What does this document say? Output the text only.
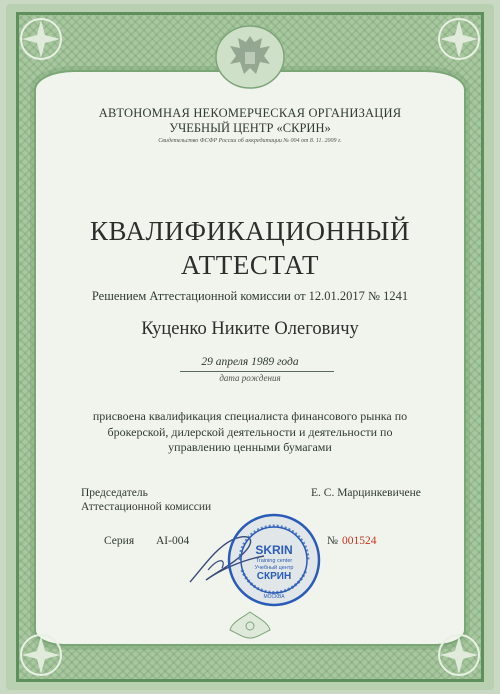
АВТОНОМНАЯ НЕКОМЕРЧЕСКАЯ ОРГАНИЗАЦИЯ
УЧЕБНЫЙ ЦЕНТР «СКРИН»
Свидетельство ФСФР России об аккредитации № 004 от 8. 11. 2009 г.
КВАЛИФИКАЦИОННЫЙ
АТТЕСТАТ
Решением Аттестационной комиссии от 12.01.2017 № 1241
Куценко Никите Олеговичу
29 апреля 1989 года
дата рождения
присвоена квалификация специалиста финансового рынка по
брокерской, дилерской деятельности и деятельности по
управлению ценными бумагами
Председатель
Аттестационной комиссии
Е. С. Марцинкевичене
Серия АI-004	№ 001524
SKRIN
Training center
Учебный центр
СКРИН
МОСКВА
